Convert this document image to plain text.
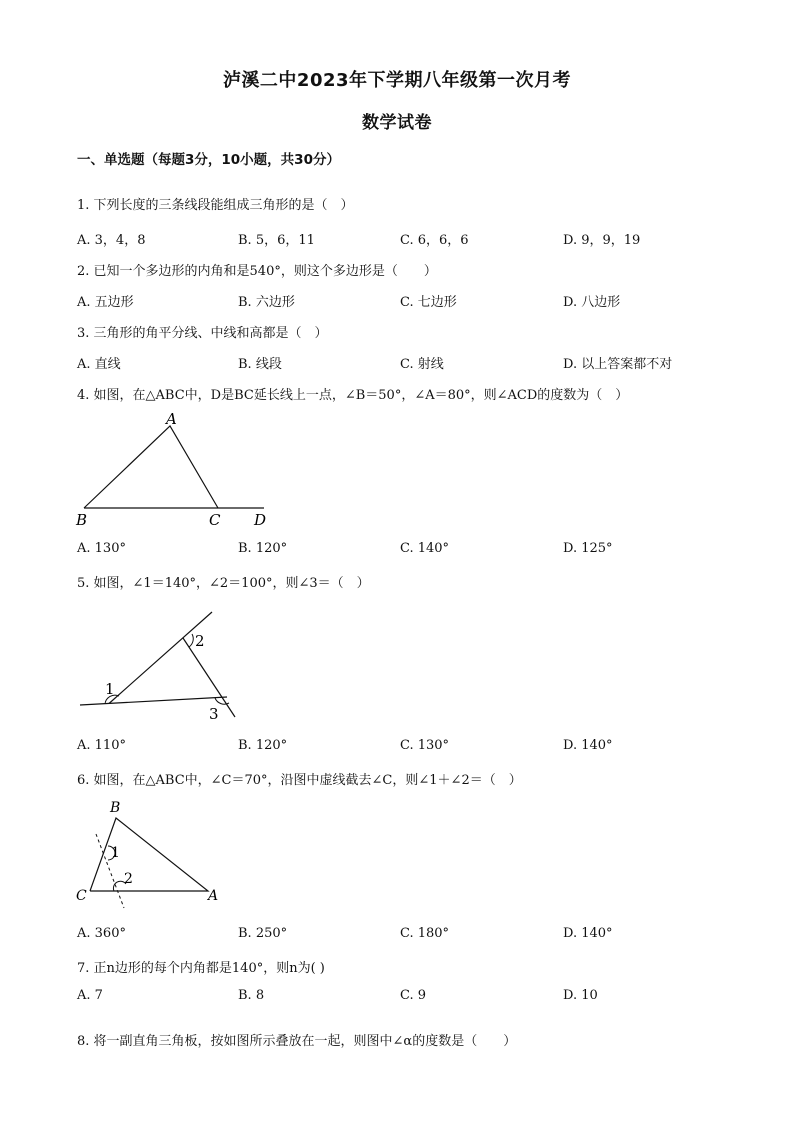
泸溪二中2023年下学期八年级第一次月考
数学试卷
一、单选题（每题3分，10小题，共30分）
1. 下列长度的三条线段能组成三角形的是（　）
A. 3，4，8	B. 5，6，11	C. 6，6，6	D. 9，9，19
2. 已知一个多边形的内角和是540°，则这个多边形是（　　）
A. 五边形	B. 六边形	C. 七边形	D. 八边形
3. 三角形的角平分线、中线和高都是（　）
A. 直线	B. 线段	C. 射线	D. 以上答案都不对
4. 如图，在△ABC中，D是BC延长线上一点，∠B＝50°，∠A＝80°，则∠ACD的度数为（　）
A
B	C D
A. 130°	B. 120°	C. 140°	D. 125°
5. 如图，∠1＝140°，∠2＝100°，则∠3＝（　）
1
2
3
A. 110°	B. 120°	C. 130°	D. 140°
6. 如图，在△ABC中，∠C＝70°，沿图中虚线截去∠C，则∠1＋∠2＝（　）
B
C	A
1
2
A. 360°	B. 250°	C. 180°	D. 140°
7. 正n边形的每个内角都是140°，则n为( )
A. 7	B. 8	C. 9	D. 10
8. 将一副直角三角板，按如图所示叠放在一起，则图中∠α的度数是（　　）
